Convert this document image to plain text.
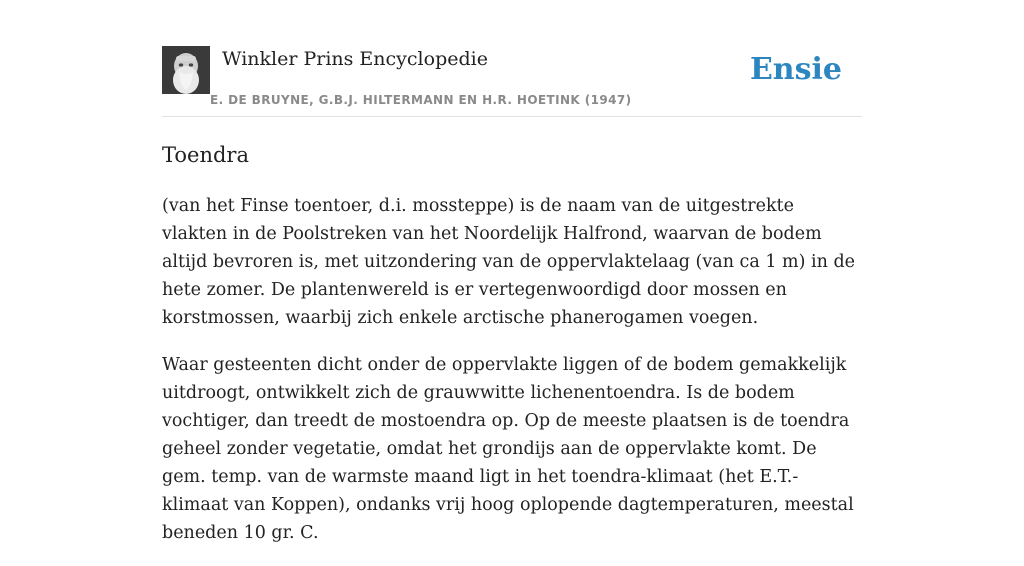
Winkler Prins Encyclopedie
E. DE BRUYNE, G.B.J. HILTERMANN EN H.R. HOETINK (1947)
Ensie
Toendra

(van het Finse toentoer, d.i. mossteppe) is de naam van de uitgestrekte vlakten in de Poolstreken van het Noordelijk Halfrond, waarvan de bodem altijd bevroren is, met uitzondering van de oppervlaktelaag (van ca 1 m) in de hete zomer. De plantenwereld is er vertegenwoordigd door mossen en korstmossen, waarbij zich enkele arctische phanerogamen voegen.

Waar gesteenten dicht onder de oppervlakte liggen of de bodem gemakkelijk uitdroogt, ontwikkelt zich de grauwwitte lichenentoendra. Is de bodem vochtiger, dan treedt de mostoendra op. Op de meeste plaatsen is de toendra geheel zonder vegetatie, omdat het grondijs aan de oppervlakte komt. De gem. temp. van de warmste maand ligt in het toendra-klimaat (het E.T.-klimaat van Koppen), ondanks vrij hoog oplopende dagtemperaturen, meestal beneden 10 gr. C.
